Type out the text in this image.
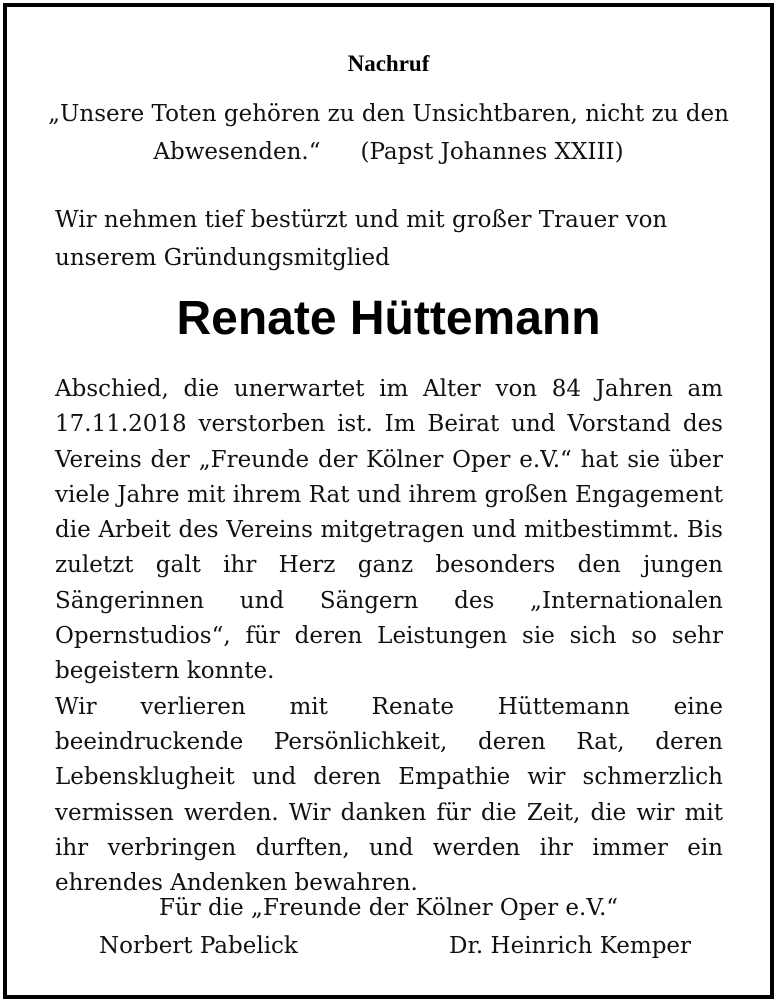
Nachruf
„Unsere Toten gehören zu den Unsichtbaren, nicht zu den
Abwesenden.“ (Papst Johannes XXIII)
Wir nehmen tief bestürzt und mit großer Trauer von unserem Gründungsmitglied
Renate Hüttemann

Abschied, die unerwartet im Alter von 84 Jahren am 17.11.2018 verstorben ist. Im Beirat und Vorstand des Vereins der „Freunde der Kölner Oper e.V.“ hat sie über viele Jahre mit ihrem Rat und ihrem großen Engagement die Arbeit des Vereins mitgetragen und mitbestimmt. Bis zuletzt galt ihr Herz ganz besonders den jungen Sängerinnen und Sängern des „Internationalen Opernstudios“, für deren Leistungen sie sich so sehr begeistern konnte.

Wir verlieren mit Renate Hüttemann eine beeindruckende Persönlichkeit, deren Rat, deren Lebensklugheit und deren Empathie wir schmerzlich vermissen werden. Wir danken für die Zeit, die wir mit ihr verbringen durften, und werden ihr immer ein ehrendes Andenken bewahren.

Für die „Freunde der Kölner Oper e.V.“
Norbert Pabelick	Dr. Heinrich Kemper
